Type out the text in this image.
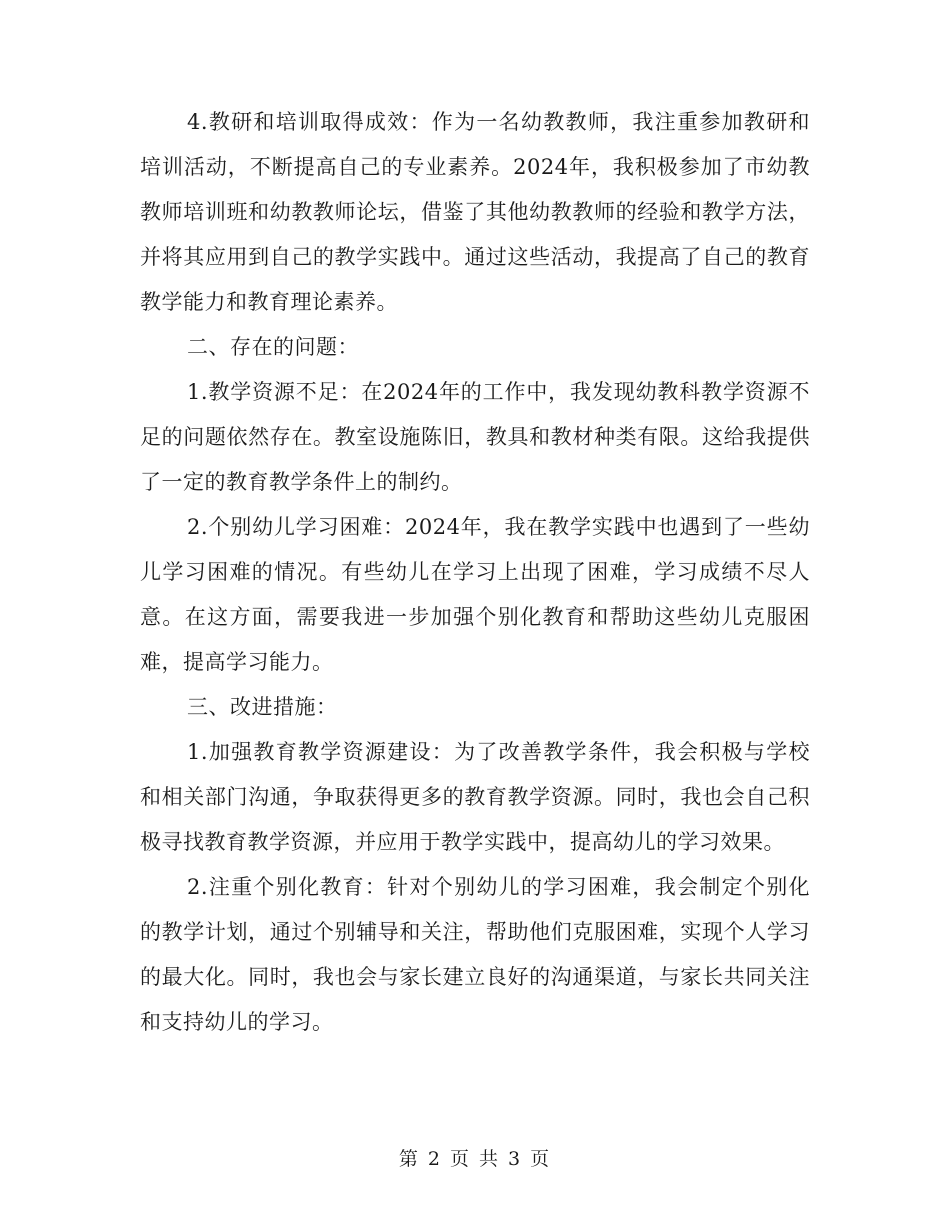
4.教研和培训取得成效：作为一名幼教教师，我注重参加教研和培训活动，不断提高自己的专业素养。2024年，我积极参加了市幼教教师培训班和幼教教师论坛，借鉴了其他幼教教师的经验和教学方法，并将其应用到自己的教学实践中。通过这些活动，我提高了自己的教育教学能力和教育理论素养。

二、存在的问题：

1.教学资源不足：在2024年的工作中，我发现幼教科教学资源不足的问题依然存在。教室设施陈旧，教具和教材种类有限。这给我提供了一定的教育教学条件上的制约。

2.个别幼儿学习困难：2024年，我在教学实践中也遇到了一些幼儿学习困难的情况。有些幼儿在学习上出现了困难，学习成绩不尽人意。在这方面，需要我进一步加强个别化教育和帮助这些幼儿克服困难，提高学习能力。

三、改进措施：

1.加强教育教学资源建设：为了改善教学条件，我会积极与学校和相关部门沟通，争取获得更多的教育教学资源。同时，我也会自己积极寻找教育教学资源，并应用于教学实践中，提高幼儿的学习效果。

2.注重个别化教育：针对个别幼儿的学习困难，我会制定个别化的教学计划，通过个别辅导和关注，帮助他们克服困难，实现个人学习的最大化。同时，我也会与家长建立良好的沟通渠道，与家长共同关注和支持幼儿的学习。

第 2 页 共 3 页
